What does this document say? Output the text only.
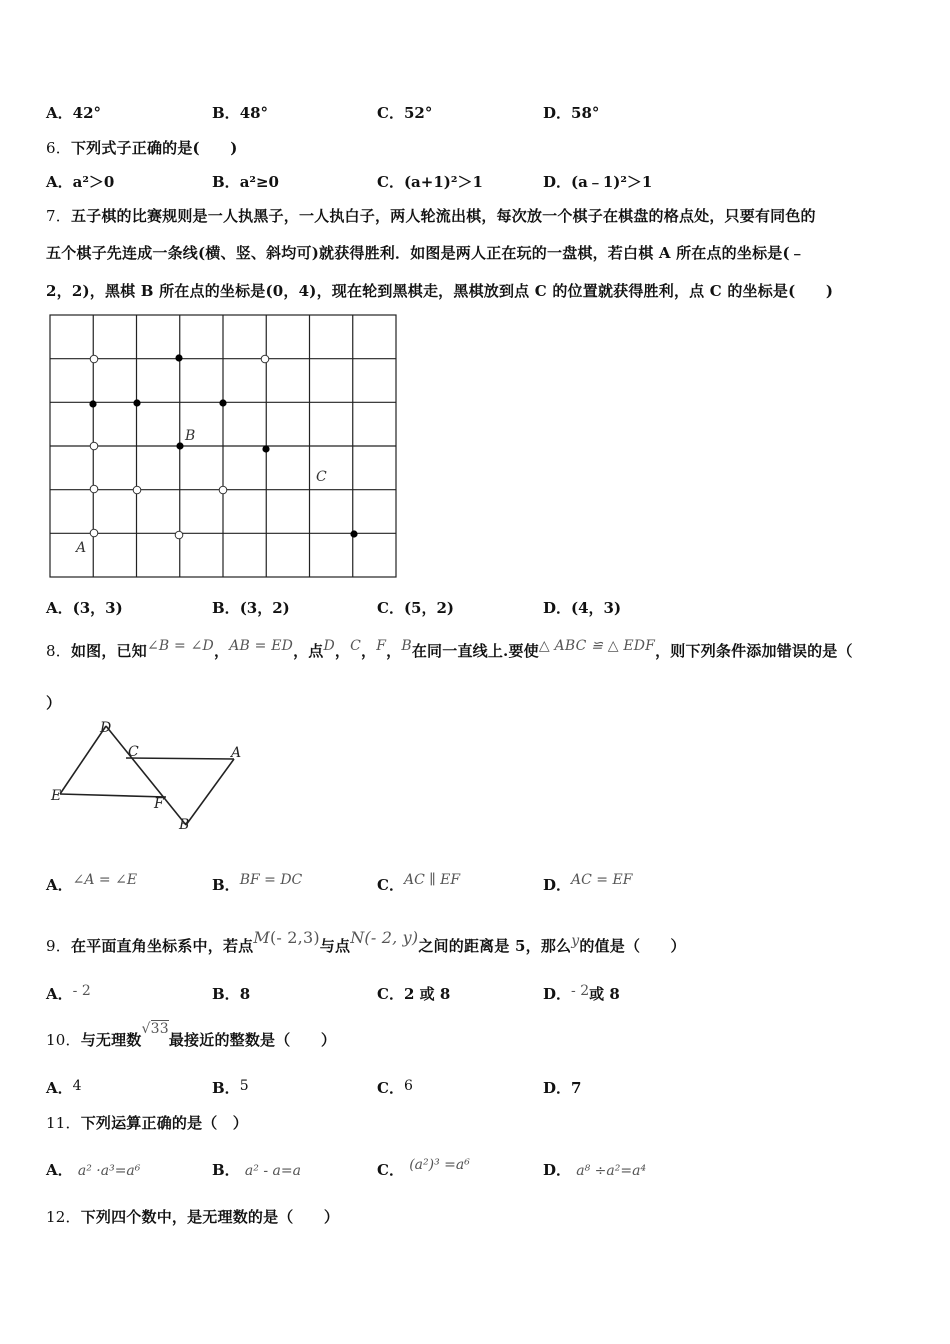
A．42°	B．48°	C．52°	D．58°
6．下列式子正确的是(　　)
A．a²＞0	B．a²≥0	C．(a+1)²＞1	D．(a﹣1)²＞1
7．五子棋的比赛规则是一人执黑子，一人执白子，两人轮流出棋，每次放一个棋子在棋盘的格点处，只要有同色的
五个棋子先连成一条线(横、竖、斜均可)就获得胜利．如图是两人正在玩的一盘棋，若白棋 A 所在点的坐标是(﹣
2，2)，黑棋 B 所在点的坐标是(0，4)，现在轮到黑棋走，黑棋放到点 C 的位置就获得胜利，点 C 的坐标是(　　)
B
C
A
A．(3，3)	B．(3，2)	C．(5，2)	D．(4，3)
8．如图，已知∠B = ∠D，AB = ED，点D，C，F，B在同一直线上.要使△ ABC ≌ △ EDF，则下列条件添加错误的是（
）
D
C	A
E	F
B
A．∠A = ∠E	B．BF = DC	C．AC ∥ EF	D．AC = EF
9．在平面直角坐标系中，若点M(- 2,3)与点N(- 2, y)之间的距离是 5，那么y的值是（　　）
A．- 2	B．8	C．2 或 8	D．- 2或 8
10．与无理数√33最接近的整数是（　　）
A．4	B．5	C．6	D．7
11．下列运算正确的是（　）
A． a² ·a³=a⁶	B． a² - a=a	C． (a²)³ =a⁶	D． a⁸ ÷a²=a⁴
12．下列四个数中，是无理数的是（　　）
